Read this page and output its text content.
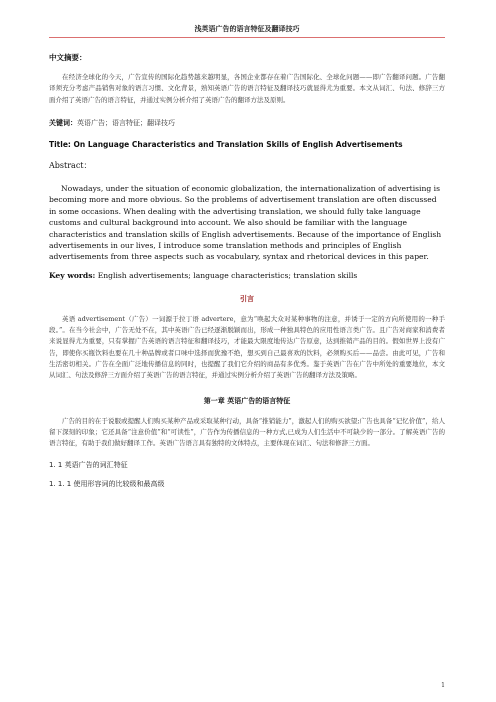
浅英语广告的语言特征及翻译技巧
中文摘要：

在经济全球化的今天，广告宣传的国际化趋势越来越明显，各国企业都存在着广告国际化、全球化问题——即广告翻译问题。广告翻译须充分考虑产品销售对象的语言习惯、文化背景，熟知英语广告的语言特征及翻译技巧就显得尤为重要。本文从词汇、句法、修辞三方面介绍了英语广告的语言特征，并通过实例分析介绍了英语广告的翻译方法及原则。

关键词：英语广告；语言特征；翻译技巧

Title: On Language Characteristics and Translation Skills of English Advertisements
Abstract：

Nowadays, under the situation of economic globalization, the internationalization of advertising is becoming more and more obvious. So the problems of advertisement translation are often discussed in some occasions. When dealing with the advertising translation, we should fully take language customs and cultural background into account. We also should be familiar with the language characteristics and translation skills of English advertisements. Because of the importance of English advertisements in our lives, I introduce some translation methods and principles of English advertisements from three aspects such as vocabulary, syntax and rhetorical devices in this paper.

Key words: English advertisements; language characteristics; translation skills

引言

英语 advertisement（广告）一词源于拉丁语 advertere，意为“唤起大众对某种事物的注意，并诱于一定的方向所使用的一种手段。”。在当今社会中，广告无处不在，其中英语广告已经逐渐脱颖而出，形成一种独具特色的应用性语言类广告。且广告对商家和消费者来说显得尤为重要，只有掌握广告英语的语言特征和翻译技巧，才能最大限度地传达广告原意，达到推销产品的目的。假如世界上没有广告，即使你买瓶饮料也要在几十种品牌或者口味中选择而犹豫不绝，想买到自己最喜欢的饮料，必须购买后——品尝。由此可见，广告和生活密切相关。广告在全面广泛地传播信息的同时，也提醒了我们它介绍的商品有多优秀。鉴于英语广告在广告中所处的重要地位，本文从词汇、句法及修辞三方面介绍了英语广告的语言特征，并通过实例分析介绍了英语广告的翻译方法及策略。

第一章 英语广告的语言特征

广告的目的在于说服或提醒人们购买某种产品或采取某种行动，具备“推销能力”，激起人们的购买欲望;广告也具备“记忆价值”，给人留下深刻的印象；它还具备“注意价值”和“可读性”，广告作为传播信息的一种方式,已成为人们生活中不可缺少的一部分。了解英语广告的语言特征，有助于我们做好翻译工作。英语广告语言具有独特的文体特点，主要体现在词汇、句法和修辞三方面。

1. 1 英语广告的词汇特征
1. 1. 1 使用形容词的比较级和最高级
1
